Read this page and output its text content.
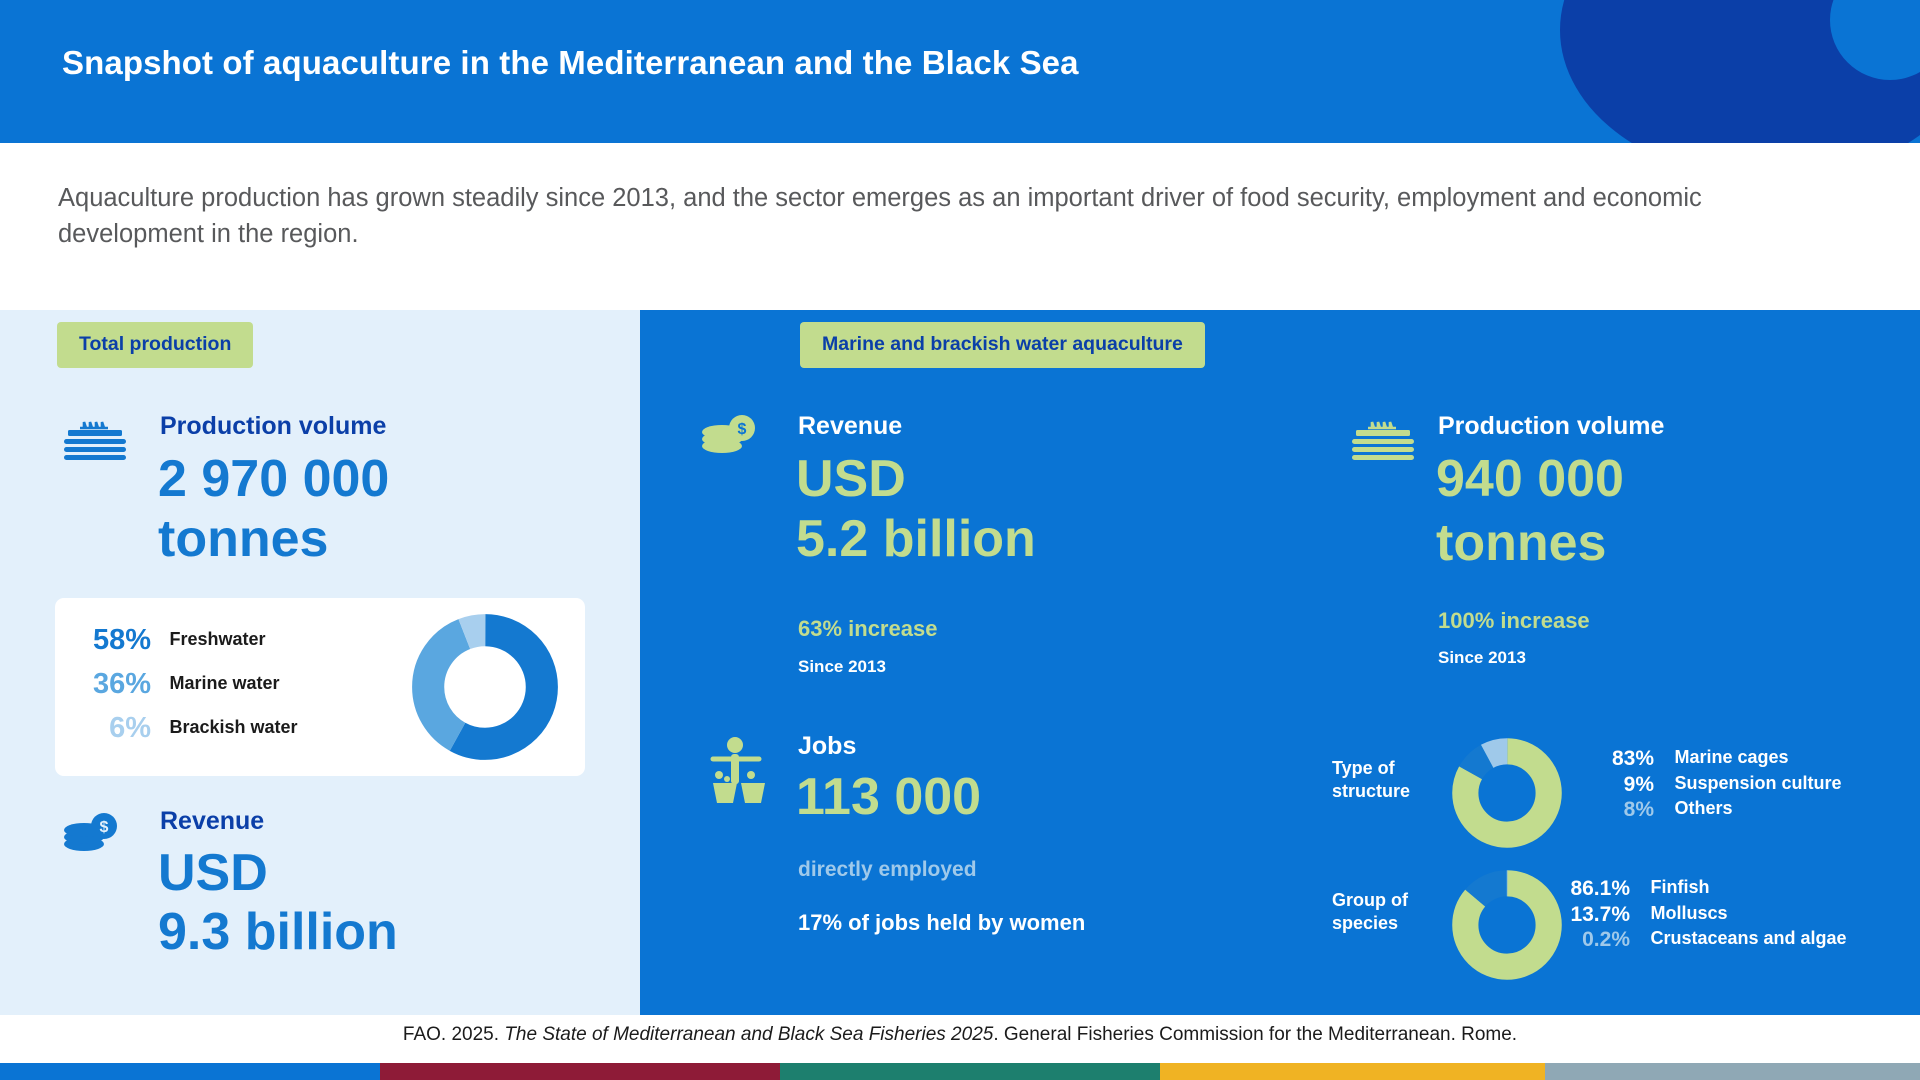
Snapshot of aquaculture in the Mediterranean and the Black Sea
Aquaculture production has grown steadily since 2013, and the sector emerges as an important driver of food security, employment and economic development in the region.
Total production
Production volume
2 970 000
tonnes
58% Freshwater
36% Marine water
6% Brackish water
$ Revenue
USD
9.3 billion
Marine and brackish water aquaculture
$ Revenue
USD
5.2 billion
63% increase
Since 2013
Jobs
113 000
directly employed
17% of jobs held by women
Production volume
940 000
tonnes
100% increase
Since 2013
Type of
structure
83% Marine cages
9% Suspension culture
8% Others
Group of
species
86.1% Finfish
13.7% Molluscs
0.2% Crustaceans and algae
FAO. 2025. The State of Mediterranean and Black Sea Fisheries 2025. General Fisheries Commission for the Mediterranean. Rome.
